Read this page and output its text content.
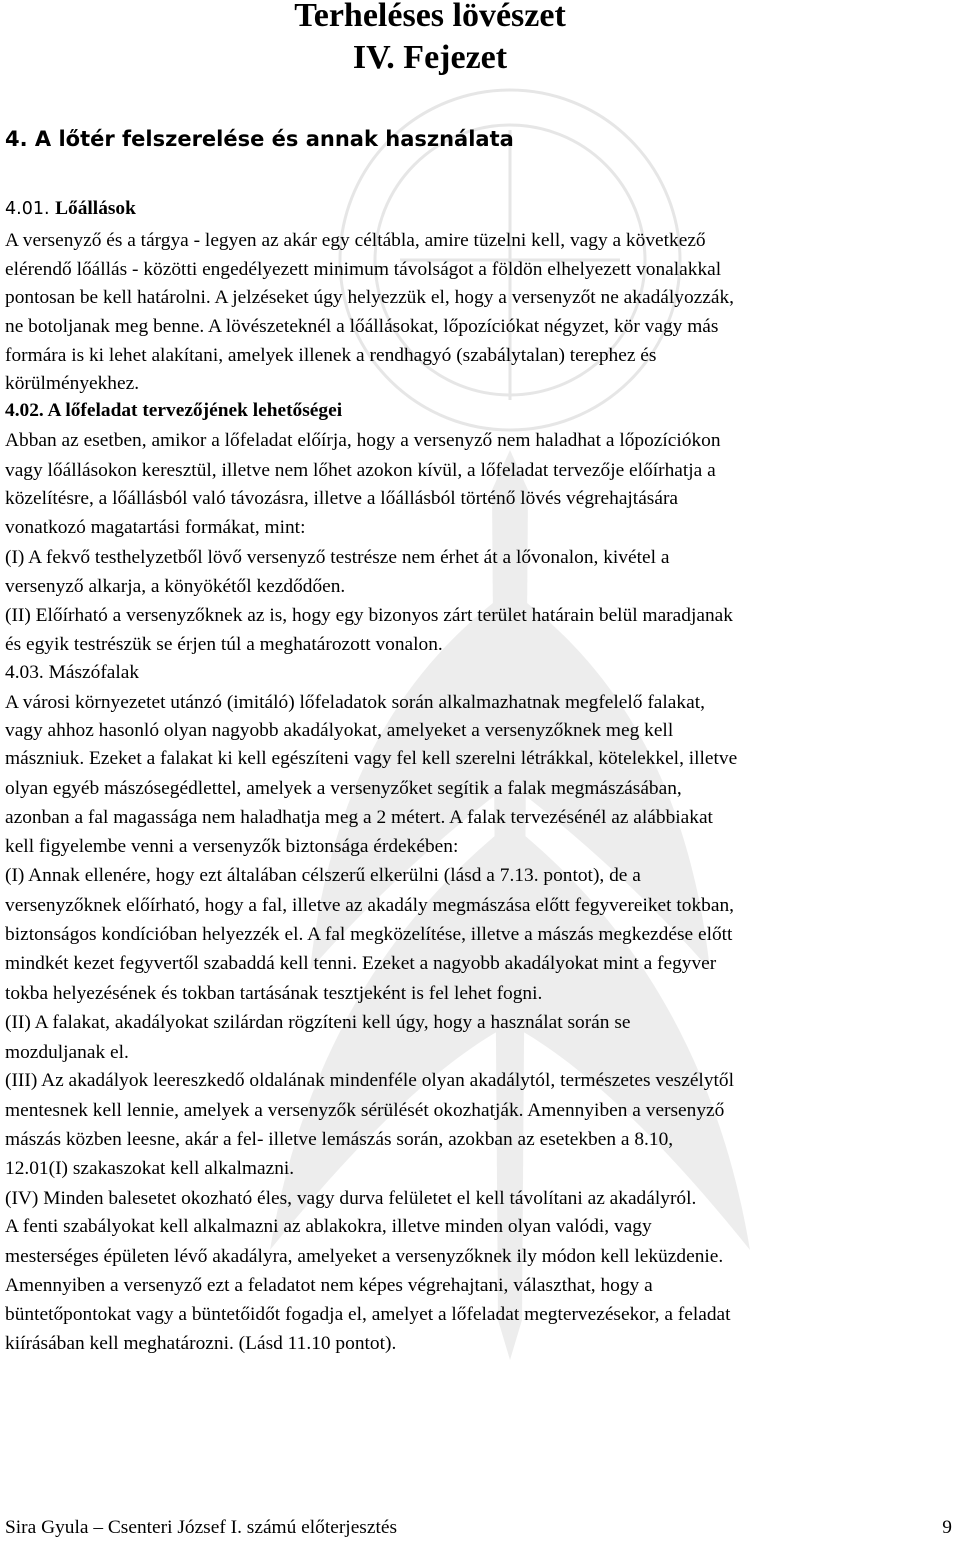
Terheléses lövészet
IV. Fejezet
4. A lőtér felszerelése és annak használata
4.01. Lőállások
A versenyző és a tárgya - legyen az akár egy céltábla, amire tüzelni kell, vagy a következő
elérendő lőállás - közötti engedélyezett minimum távolságot a földön elhelyezett vonalakkal
pontosan be kell határolni. A jelzéseket úgy helyezzük el, hogy a versenyzőt ne akadályozzák,
ne botoljanak meg benne. A lövészeteknél a lőállásokat, lőpozíciókat négyzet, kör vagy más
formára is ki lehet alakítani, amelyek illenek a rendhagyó (szabálytalan) terephez és
körülményekhez.
4.02. A lőfeladat tervezőjének lehetőségei
Abban az esetben, amikor a lőfeladat előírja, hogy a versenyző nem haladhat a lőpozíciókon
vagy lőállásokon keresztül, illetve nem lőhet azokon kívül, a lőfeladat tervezője előírhatja a
közelítésre, a lőállásból való távozásra, illetve a lőállásból történő lövés végrehajtására
vonatkozó magatartási formákat, mint:
(I) A fekvő testhelyzetből lövő versenyző testrésze nem érhet át a lővonalon, kivétel a
versenyző alkarja, a könyökétől kezdődően.
(II) Előírható a versenyzőknek az is, hogy egy bizonyos zárt terület határain belül maradjanak
és egyik testrészük se érjen túl a meghatározott vonalon.
4.03. Mászófalak
A városi környezetet utánzó (imitáló) lőfeladatok során alkalmazhatnak megfelelő falakat,
vagy ahhoz hasonló olyan nagyobb akadályokat, amelyeket a versenyzőknek meg kell
mászniuk. Ezeket a falakat ki kell egészíteni vagy fel kell szerelni létrákkal, kötelekkel, illetve
olyan egyéb mászósegédlettel, amelyek a versenyzőket segítik a falak megmászásában,
azonban a fal magassága nem haladhatja meg a 2 métert. A falak tervezésénél az alábbiakat
kell figyelembe venni a versenyzők biztonsága érdekében:
(I) Annak ellenére, hogy ezt általában célszerű elkerülni (lásd a 7.13. pontot), de a
versenyzőknek előírható, hogy a fal, illetve az akadály megmászása előtt fegyvereiket tokban,
biztonságos kondícióban helyezzék el. A fal megközelítése, illetve a mászás megkezdése előtt
mindkét kezet fegyvertől szabaddá kell tenni. Ezeket a nagyobb akadályokat mint a fegyver
tokba helyezésének és tokban tartásának tesztjeként is fel lehet fogni.
(II) A falakat, akadályokat szilárdan rögzíteni kell úgy, hogy a használat során se
mozduljanak el.
(III) Az akadályok leereszkedő oldalának mindenféle olyan akadálytól, természetes veszélytől
mentesnek kell lennie, amelyek a versenyzők sérülését okozhatják. Amennyiben a versenyző
mászás közben leesne, akár a fel- illetve lemászás során, azokban az esetekben a 8.10,
12.01(I) szakaszokat kell alkalmazni.
(IV) Minden balesetet okozható éles, vagy durva felületet el kell távolítani az akadályról.
A fenti szabályokat kell alkalmazni az ablakokra, illetve minden olyan valódi, vagy
mesterséges épületen lévő akadályra, amelyeket a versenyzőknek ily módon kell leküzdenie.
Amennyiben a versenyző ezt a feladatot nem képes végrehajtani, választhat, hogy a
büntetőpontokat vagy a büntetőidőt fogadja el, amelyet a lőfeladat megtervezésekor, a feladat
kiírásában kell meghatározni. (Lásd 11.10 pontot).
Sira Gyula – Csenteri József I. számú előterjesztés	9
